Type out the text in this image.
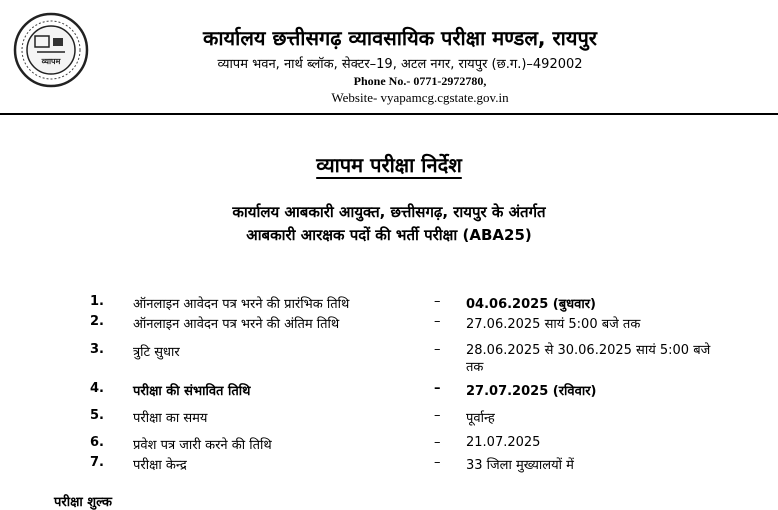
व्यापम
कार्यालय छत्तीसगढ़ व्यावसायिक परीक्षा मण्डल, रायपुर
व्यापम भवन, नार्थ ब्लॉक, सेक्टर–19, अटल नगर, रायपुर (छ.ग.)–492002
Phone No.- 0771-2972780,
Website- vyapamcg.cgstate.gov.in
व्यापम परीक्षा निर्देश
कार्यालय आबकारी आयुक्त, छत्तीसगढ़, रायपुर के अंतर्गत
आबकारी आरक्षक पदों की भर्ती परीक्षा (ABA25)
1. ऑनलाइन आवेदन पत्र भरने की प्रारंभिक तिथि	– 04.06.2025 (बुधवार)
2. ऑनलाइन आवेदन पत्र भरने की अंतिम तिथि	– 27.06.2025 सायं 5:00 बजे तक
3. त्रुटि सुधार	– 28.06.2025 से 30.06.2025 सायं 5:00 बजे तक
4. परीक्षा की संभावित तिथि	– 27.07.2025 (रविवार)
5. परीक्षा का समय	– पूर्वान्ह
6. प्रवेश पत्र जारी करने की तिथि	– 21.07.2025
7. परीक्षा केन्द्र	– 33 जिला मुख्यालयों में
परीक्षा शुल्क
